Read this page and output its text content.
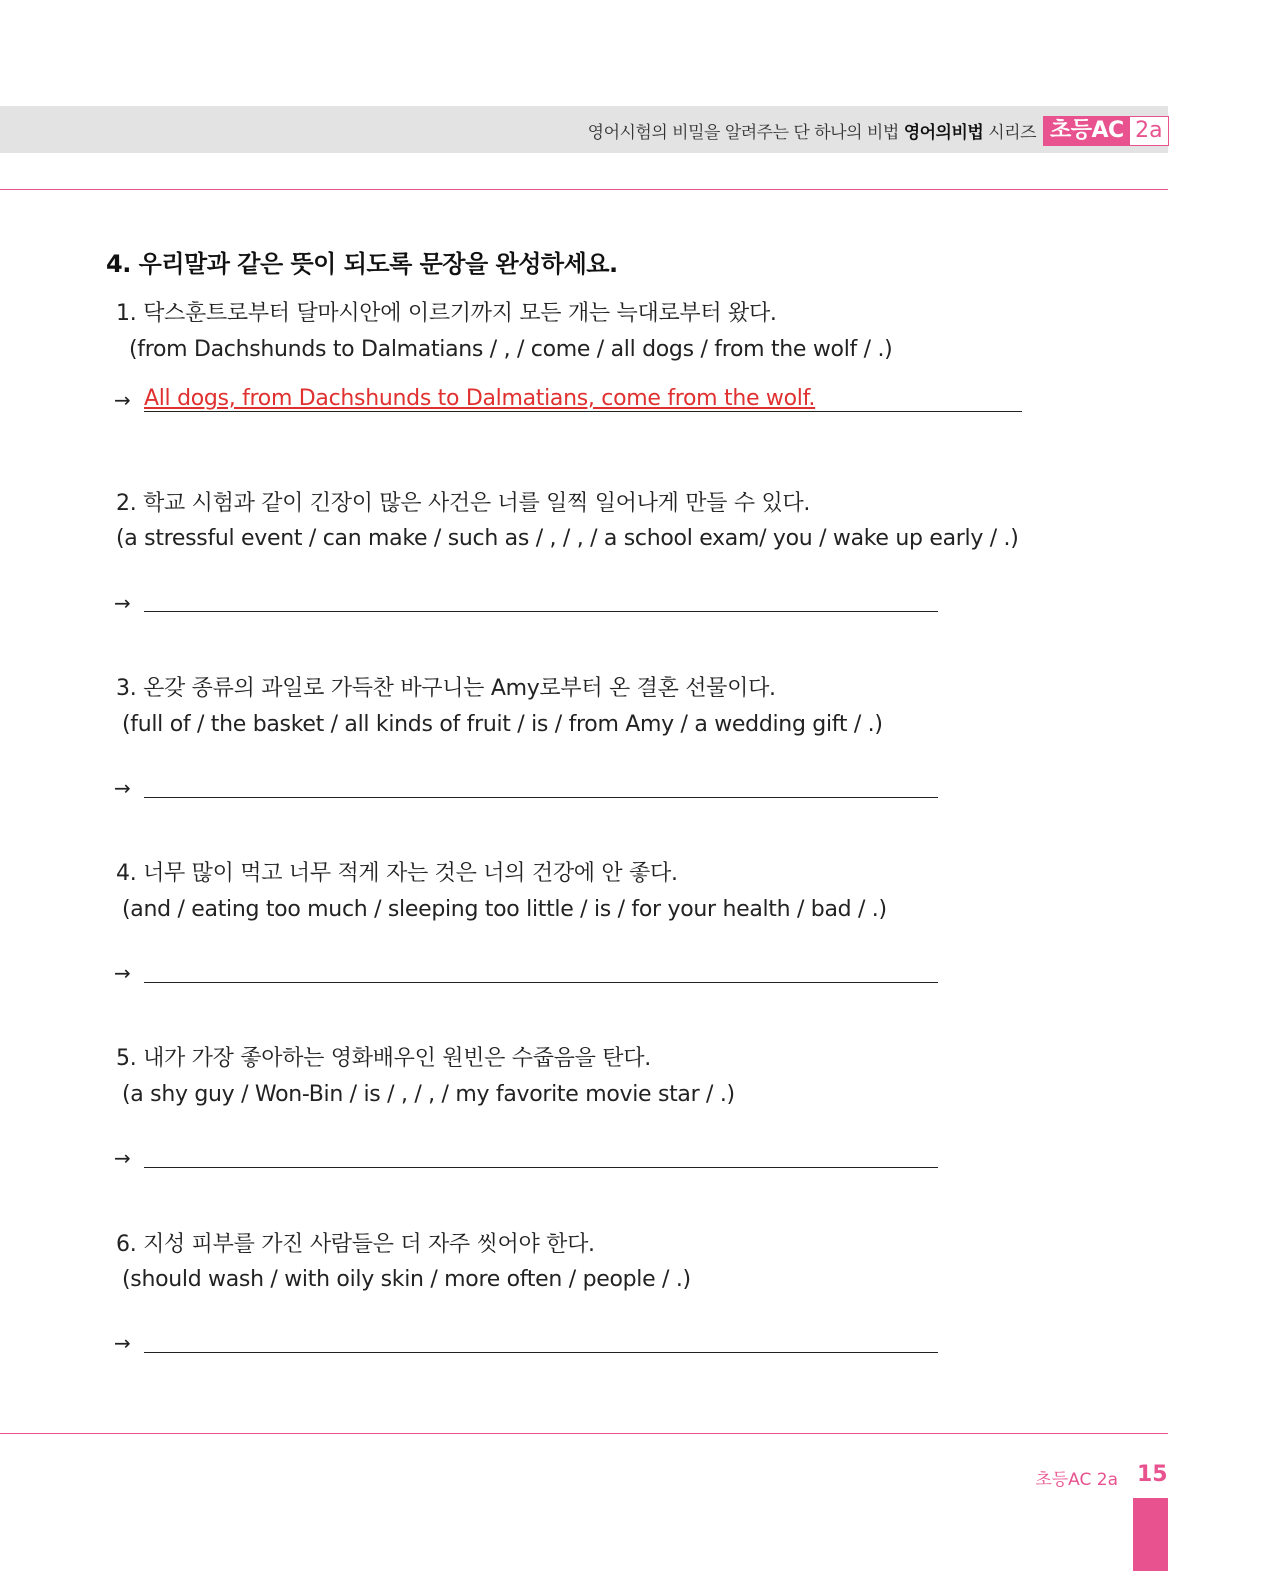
영어시험의 비밀을 알려주는 단 하나의 비법 영어의비법 시리즈 초등AC 2a
4. 우리말과 같은 뜻이 되도록 문장을 완성하세요.
1. 닥스훈트로부터 달마시안에 이르기까지 모든 개는 늑대로부터 왔다.
(from Dachshunds to Dalmatians / , / come / all dogs / from the wolf / .)
→ All dogs, from Dachshunds to Dalmatians, come from the wolf.
2. 학교 시험과 같이 긴장이 많은 사건은 너를 일찍 일어나게 만들 수 있다.
(a stressful event / can make / such as / , / , / a school exam/ you / wake up early / .)
→
3. 온갖 종류의 과일로 가득찬 바구니는 Amy로부터 온 결혼 선물이다.
(full of / the basket / all kinds of fruit / is / from Amy / a wedding gift / .)
→
4. 너무 많이 먹고 너무 적게 자는 것은 너의 건강에 안 좋다.
(and / eating too much / sleeping too little / is / for your health / bad / .)
→
5. 내가 가장 좋아하는 영화배우인 원빈은 수줍음을 탄다.
(a shy guy / Won-Bin / is / , / , / my favorite movie star / .)
→
6. 지성 피부를 가진 사람들은 더 자주 씻어야 한다.
(should wash / with oily skin / more often / people / .)
→
초등AC 2a 15
